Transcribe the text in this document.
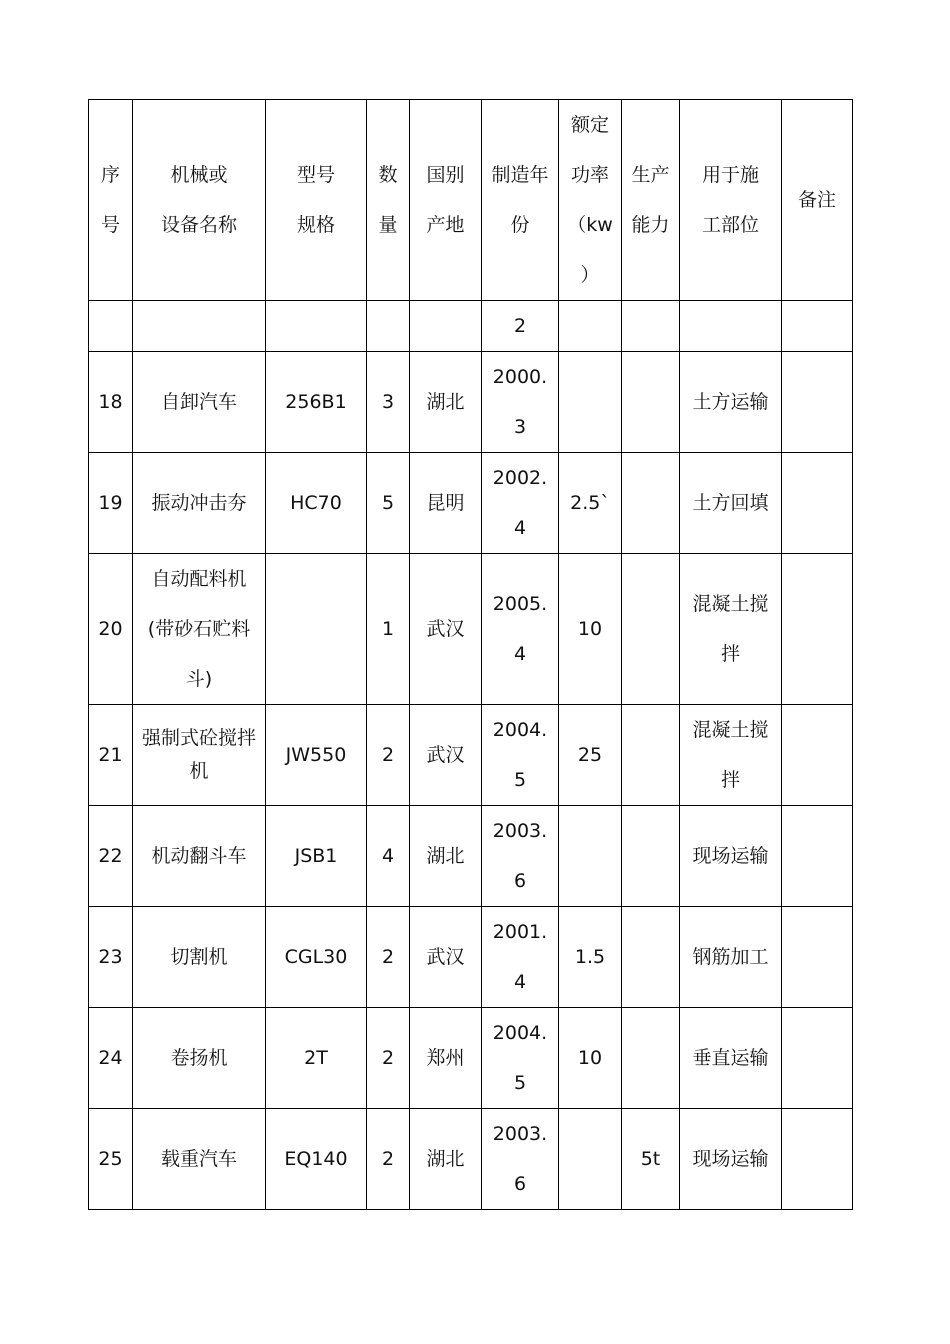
序
号	机械或
设备名称	型号
规格	数
量	国别
产地	制造年
份	额定
功率
（kw
）	生产
能力	用于施
工部位	备注

					2				

18	自卸汽车	256B1	3	湖北	2000.
3			土方运输	

19	振动冲击夯	HC70	5	昆明	2002.
4	2.5`		土方回填	

20	自动配料机
(带砂石贮料
斗)		1	武汉	2005.
4	10		混凝土搅
拌	

21	强制式砼搅拌
机	JW550	2	武汉	2004.
5	25		混凝土搅
拌	

22	机动翻斗车	JSB1	4	湖北	2003.
6			现场运输	

23	切割机	CGL30	2	武汉	2001.
4	1.5		钢筋加工	

24	卷扬机	2T	2	郑州	2004.
5	10		垂直运输	

25	载重汽车	EQ140	2	湖北	2003.
6		5t	现场运输	
